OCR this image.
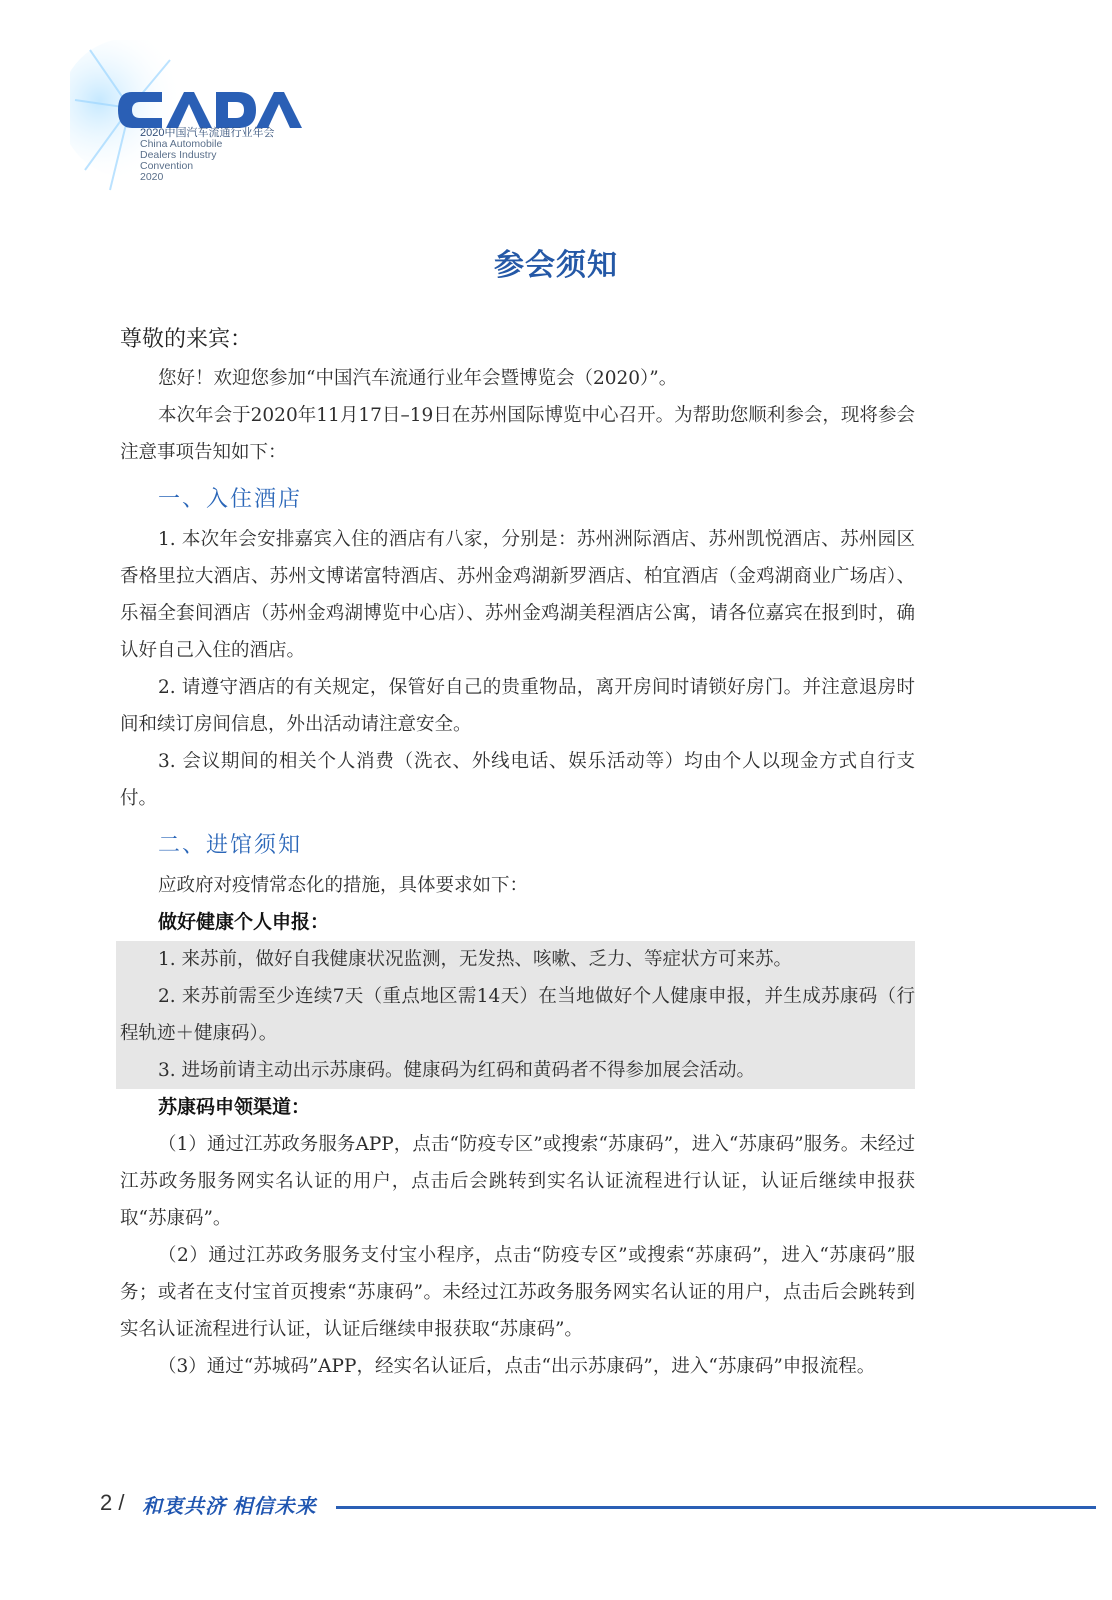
CADA
2020中国汽车流通行业年会
China Automobile
Dealers Industry
Convention
2020
参会须知
尊敬的来宾：

您好！欢迎您参加“中国汽车流通行业年会暨博览会（2020）”。

本次年会于2020年11月17日–19日在苏州国际博览中心召开。为帮助您顺利参会，现将参会注意事项告知如下：

一、入住酒店

1. 本次年会安排嘉宾入住的酒店有八家，分别是：苏州洲际酒店、苏州凯悦酒店、苏州园区香格里拉大酒店、苏州文博诺富特酒店、苏州金鸡湖新罗酒店、柏宜酒店（金鸡湖商业广场店）、乐福全套间酒店（苏州金鸡湖博览中心店）、苏州金鸡湖美程酒店公寓，请各位嘉宾在报到时，确认好自己入住的酒店。

2. 请遵守酒店的有关规定，保管好自己的贵重物品，离开房间时请锁好房门。并注意退房时间和续订房间信息，外出活动请注意安全。

3. 会议期间的相关个人消费（洗衣、外线电话、娱乐活动等）均由个人以现金方式自行支付。

二、进馆须知

应政府对疫情常态化的措施，具体要求如下：

做好健康个人申报：

1. 来苏前，做好自我健康状况监测，无发热、咳嗽、乏力、等症状方可来苏。

2. 来苏前需至少连续7天（重点地区需14天）在当地做好个人健康申报，并生成苏康码（行程轨迹＋健康码）。

3. 进场前请主动出示苏康码。健康码为红码和黄码者不得参加展会活动。

苏康码申领渠道：

（1）通过江苏政务服务APP，点击“防疫专区”或搜索“苏康码”，进入“苏康码”服务。未经过江苏政务服务网实名认证的用户，点击后会跳转到实名认证流程进行认证，认证后继续申报获取“苏康码”。

（2）通过江苏政务服务支付宝小程序，点击“防疫专区”或搜索“苏康码”，进入“苏康码”服务；或者在支付宝首页搜索“苏康码”。未经过江苏政务服务网实名认证的用户，点击后会跳转到实名认证流程进行认证，认证后继续申报获取“苏康码”。

（3）通过“苏城码”APP，经实名认证后，点击“出示苏康码”，进入“苏康码”申报流程。

2 / 和衷共济 相信未来
